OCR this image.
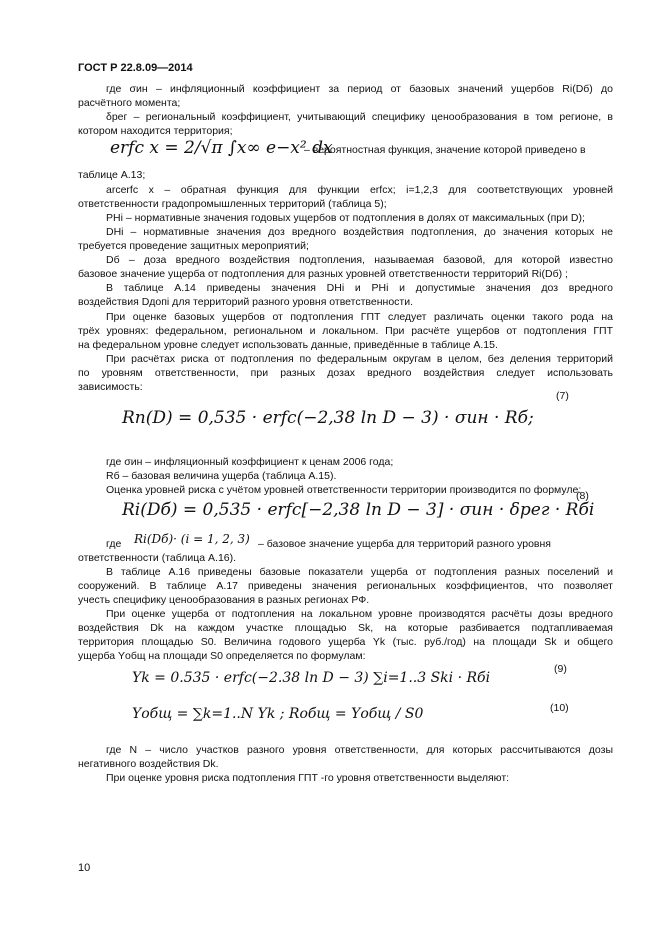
ГОСТ Р 22.8.09—2014
где σин – инфляционный коэффициент за период от базовых значений ущербов Ri(Dб) до
расчётного момента;
δрег – региональный коэффициент, учитывающий специфику ценообразования в том регионе, в
котором находится территория;
erfc x = 2/√π ∫x∞ e−x² dx
– вероятностная функция, значение которой приведено в
таблице А.13;
arcerfc x – обратная функция для функции erfcx; i=1,2,3 для соответствующих уровней
ответственности градопромышленных территорий (таблица 5);
PHi – нормативные значения годовых ущербов от подтопления в долях от максимальных (при D);
DHi – нормативные значения доз вредного воздействия подтопления, до значения которых не
требуется проведение защитных мероприятий;
Dб – доза вредного воздействия подтопления, называемая базовой, для которой известно
базовое значение ущерба от подтопления для разных уровней ответственности территорий Ri(Dб) ;
В таблице А.14 приведены значения DHi и PHi и допустимые значения доз вредного
воздействия Dдопi для территорий разного уровня ответственности.
При оценке базовых ущербов от подтопления ГПТ следует различать оценки такого рода на
трёх уровнях: федеральном, региональном и локальном. При расчёте ущербов от подтопления ГПТ
на федеральном уровне следует использовать данные, приведённые в таблице А.15.
При расчётах риска от подтопления по федеральным округам в целом, без деления территорий
по уровням ответственности, при разных дозах вредного воздействия следует использовать
зависимость:
Rп(D) = 0,535 · erfc(−2,38 ln D − 3) · σин · Rб;
(7)
где σин – инфляционный коэффициент к ценам 2006 года;
Rб – базовая величина ущерба (таблица А.15).
Оценка уровней риска с учётом уровней ответственности территории производится по формуле:
Ri(Dб) = 0,535 · erfc[−2,38 ln D − 3] · σин · δрег · Rбi
(8)
где Ri(Dб)· (i = 1, 2, 3) – базовое значение ущерба для территорий разного уровня
ответственности (таблица А.16).
В таблице А.16 приведены базовые показатели ущерба от подтопления разных поселений и
сооружений. В таблице А.17 приведены значения региональных коэффициентов, что позволяет
учесть специфику ценообразования в разных регионах РФ.
При оценке ущерба от подтопления на локальном уровне производятся расчёты дозы вредного
воздействия Dk на каждом участке площадью Sk, на которые разбивается подтапливаемая
территория площадью S0. Величина годового ущерба Yk (тыс. руб./год) на площади Sk и общего
ущерба Yобщ на площади S0 определяется по формулам:
Yk = 0.535 · erfc(−2.38 ln D − 3) ∑i=1..3 Ski · Rбi
(9)
Yобщ = ∑k=1..N Yk ; Rобщ = Yобщ / S0	(10)
где N – число участков разного уровня ответственности, для которых рассчитываются дозы
негативного воздействия Dk.
При оценке уровня риска подтопления ГПТ -го уровня ответственности выделяют:
10
